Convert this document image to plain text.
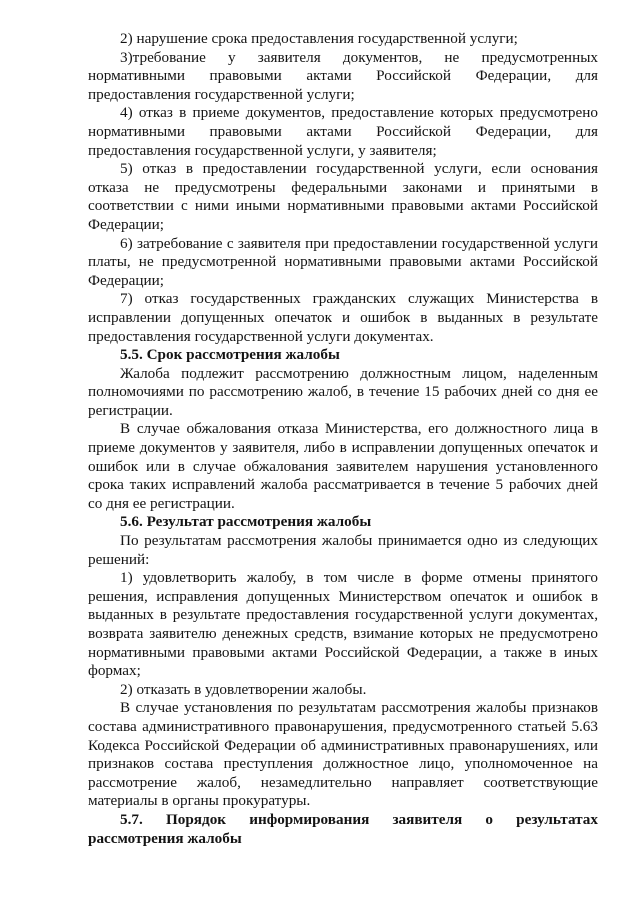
2) нарушение срока предоставления государственной услуги;

3)требование у заявителя документов, не предусмотренных нормативными правовыми актами Российской Федерации, для предоставления государственной услуги;

4) отказ в приеме документов, предоставление которых предусмотрено нормативными правовыми актами Российской Федерации, для предоставления государственной услуги, у заявителя;

5) отказ в предоставлении государственной услуги, если основания отказа не предусмотрены федеральными законами и принятыми в соответствии с ними иными нормативными правовыми актами Российской Федерации;

6) затребование с заявителя при предоставлении государственной услуги платы, не предусмотренной нормативными правовыми актами Российской Федерации;

7) отказ государственных гражданских служащих Министерства в исправлении допущенных опечаток и ошибок в выданных в результате предоставления государственной услуги документах.

5.5. Срок рассмотрения жалобы

Жалоба подлежит рассмотрению должностным лицом, наделенным полномочиями по рассмотрению жалоб, в течение 15 рабочих дней со дня ее регистрации.

В случае обжалования отказа Министерства, его должностного лица в приеме документов у заявителя, либо в исправлении допущенных опечаток и ошибок или в случае обжалования заявителем нарушения установленного срока таких исправлений жалоба рассматривается в течение 5 рабочих дней со дня ее регистрации.

5.6. Результат рассмотрения жалобы

По результатам рассмотрения жалобы принимается одно из следующих решений:

1) удовлетворить жалобу, в том числе в форме отмены принятого решения, исправления допущенных Министерством опечаток и ошибок в выданных в результате предоставления государственной услуги документах, возврата заявителю денежных средств, взимание которых не предусмотрено нормативными правовыми актами Российской Федерации, а также в иных формах;

2) отказать в удовлетворении жалобы.

В случае установления по результатам рассмотрения жалобы признаков состава административного правонарушения, предусмотренного статьей 5.63 Кодекса Российской Федерации об административных правонарушениях, или признаков состава преступления должностное лицо, уполномоченное на рассмотрение жалоб, незамедлительно направляет соответствующие материалы в органы прокуратуры.

5.7. Порядок информирования заявителя о результатах рассмотрения жалобы
